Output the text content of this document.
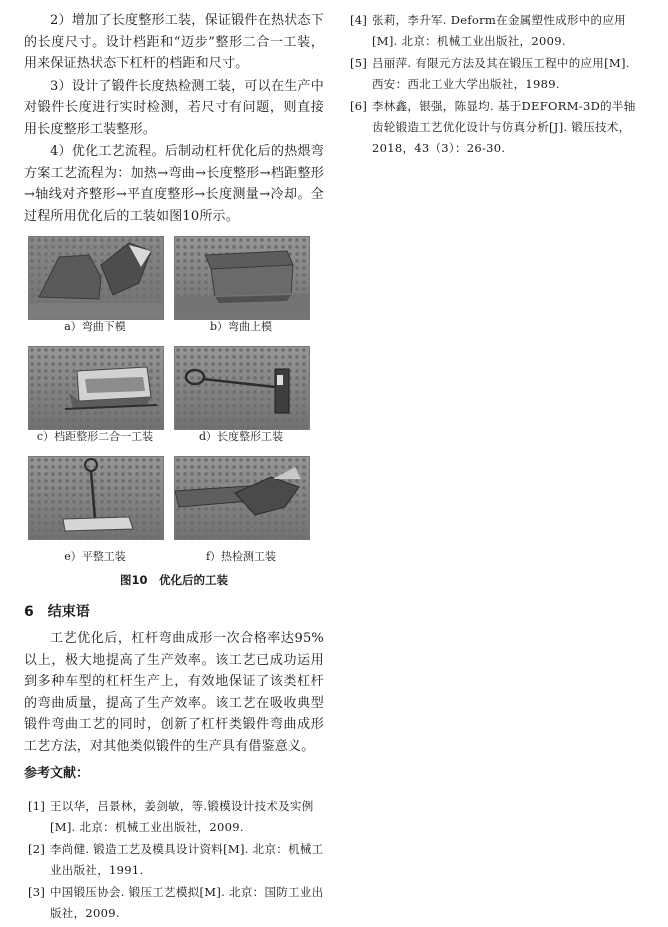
2）增加了长度整形工装，保证锻件在热状态下的长度尺寸。设计档距和“迈步”整形二合一工装，用来保证热状态下杠杆的档距和尺寸。

3）设计了锻件长度热检测工装，可以在生产中对锻件长度进行实时检测，若尺寸有问题，则直接用长度整形工装整形。

4）优化工艺流程。后制动杠杆优化后的热煨弯方案工艺流程为：加热→弯曲→长度整形→档距整形→轴线对齐整形→平直度整形→长度测量→冷却。全过程所用优化后的工装如图10所示。

a）弯曲下模	b）弯曲上模
c）档距整形二合一工装	d）长度整形工装
e）平整工装	f）热检测工装
图10　优化后的工装
6 结束语

工艺优化后，杠杆弯曲成形一次合格率达95%以上，极大地提高了生产效率。该工艺已成功运用到多种车型的杠杆生产上，有效地保证了该类杠杆的弯曲质量，提高了生产效率。该工艺在吸收典型锻件弯曲工艺的同时，创新了杠杆类锻件弯曲成形工艺方法，对其他类似锻件的生产具有借鉴意义。

参考文献：

[1] 王以华，吕景林，姜剑敏，等.锻模设计技术及实例[M]. 北京：机械工业出版社，2009.

[2] 李尚健. 锻造工艺及模具设计资料[M]. 北京：机械工业出版社，1991.

[3] 中国锻压协会. 锻压工艺模拟[M]. 北京：国防工业出版社，2009.

[4] 张莉，李升军. Deform在金属塑性成形中的应用[M]. 北京：机械工业出版社，2009.

[5] 吕丽萍. 有限元方法及其在锻压工程中的应用[M]. 西安：西北工业大学出版社，1989.

[6] 李林鑫，银强，陈显均. 基于DEFORM-3D的半轴齿轮锻造工艺优化设计与仿真分析[J]. 锻压技术，2018，43（3）：26-30.
